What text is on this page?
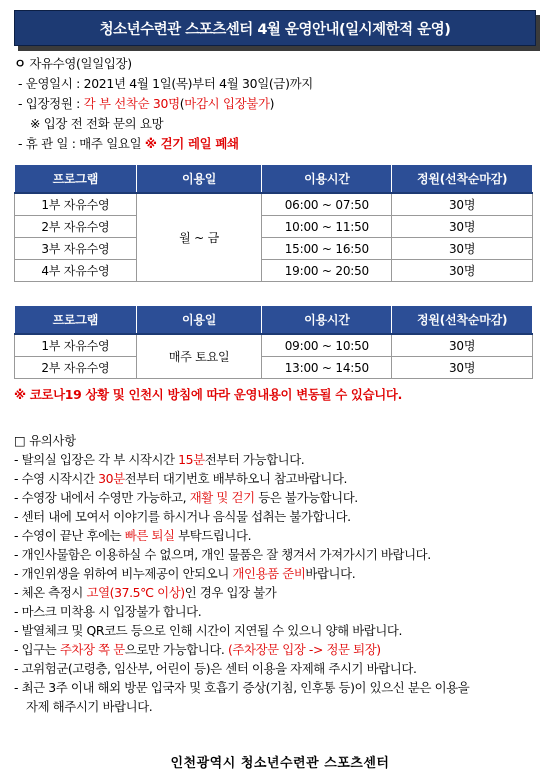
청소년수련관 스포츠센터 4월 운영안내(일시제한적 운영)
ㅇ 자유수영(일일입장)
- 운영일시 : 2021년 4월 1일(목)부터 4월 30일(금)까지
- 입장정원 : 각 부 선착순 30명(마감시 입장불가)
※ 입장 전 전화 문의 요망
- 휴 관 일 : 매주 일요일 ※ 걷기 레일 폐쇄
프로그램	이용일	이용시간	정원(선착순마감)
1부 자유수영	월 ~ 금	06:00 ~ 07:50	30명
2부 자유수영		10:00 ~ 11:50	30명
3부 자유수영		15:00 ~ 16:50	30명
4부 자유수영		19:00 ~ 20:50	30명
프로그램	이용일	이용시간	정원(선착순마감)
1부 자유수영	매주 토요일	09:00 ~ 10:50	30명
2부 자유수영		13:00 ~ 14:50	30명
※ 코로나19 상황 및 인천시 방침에 따라 운영내용이 변동될 수 있습니다.
□ 유의사항
- 탈의실 입장은 각 부 시작시간 15분전부터 가능합니다.
- 수영 시작시간 30분전부터 대기번호 배부하오니 참고바랍니다.
- 수영장 내에서 수영만 가능하고, 재활 및 걷기 등은 불가능합니다.
- 센터 내에 모여서 이야기를 하시거나 음식물 섭취는 불가합니다.
- 수영이 끝난 후에는 빠른 퇴실 부탁드립니다.
- 개인사물함은 이용하실 수 없으며, 개인 물품은 잘 챙겨서 가져가시기 바랍니다.
- 개인위생을 위하여 비누제공이 안되오니 개인용품 준비바랍니다.
- 체온 측정시 고열(37.5℃ 이상)인 경우 입장 불가
- 마스크 미착용 시 입장불가 합니다.
- 발열체크 및 QR코드 등으로 인해 시간이 지연될 수 있으니 양해 바랍니다.
- 입구는 주차장 쪽 문으로만 가능합니다. (주차장문 입장 -> 정문 퇴장)
- 고위험군(고령층, 임산부, 어린이 등)은 센터 이용을 자제해 주시기 바랍니다.
- 최근 3주 이내 해외 방문 입국자 및 호흡기 증상(기침, 인후통 등)이 있으신 분은 이용을
자제 해주시기 바랍니다.
인천광역시 청소년수련관 스포츠센터
